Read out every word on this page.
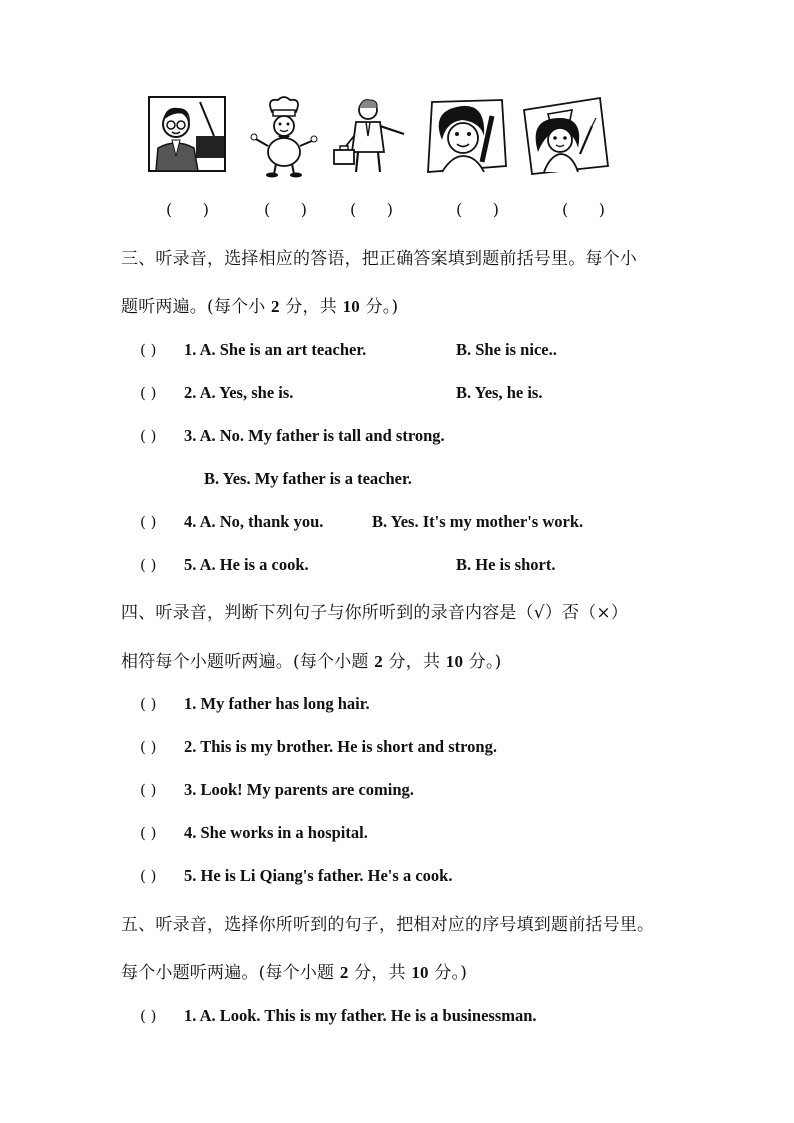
(      )	(      )	(      )	(      )	(      )
三、听录音，选择相应的答语，把正确答案填到题前括号里。每个小
题听两遍。(每个小 2 分，共 10 分。)
( ) 1. A. She is an art teacher.	B. She is nice..
( ) 2. A. Yes, she is.	B. Yes, he is.
( ) 3. A. No. My father is tall and strong.
B. Yes. My father is a teacher.
( ) 4. A. No, thank you.	B. Yes. It's my mother's work.
( ) 5. A. He is a cook.	B. He is short.
四、听录音，判断下列句子与你所听到的录音内容是（√）否（×）
相符每个小题听两遍。(每个小题 2 分，共 10 分。)
( ) 1. My father has long hair.
( ) 2. This is my brother. He is short and strong.
( ) 3. Look! My parents are coming.
( ) 4. She works in a hospital.
( ) 5. He is Li Qiang's father. He's a cook.
五、听录音，选择你所听到的句子，把相对应的序号填到题前括号里。
每个小题听两遍。(每个小题 2 分，共 10 分。)
( ) 1. A. Look. This is my father. He is a businessman.
